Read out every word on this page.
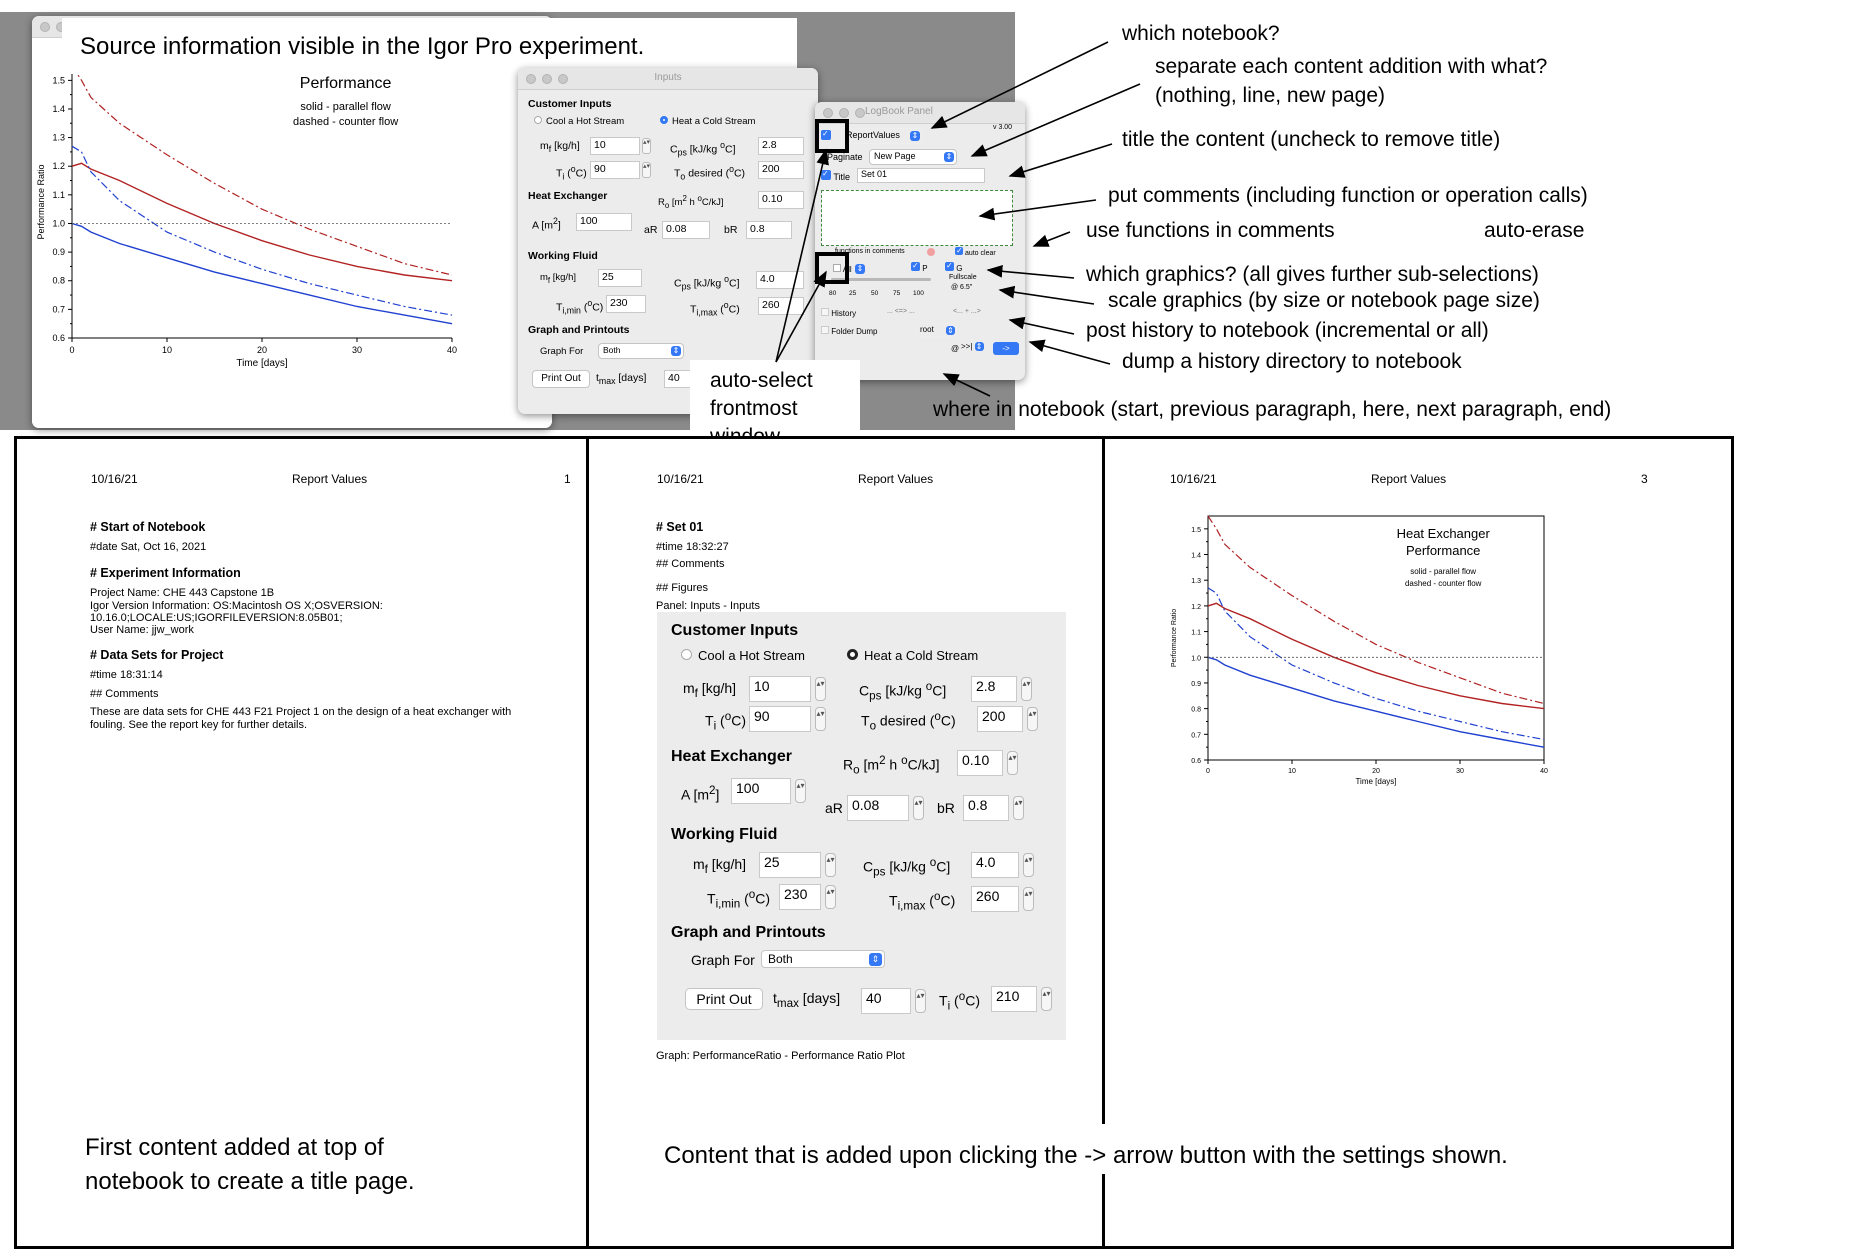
1.5
1.4
1.3
1.2
1.1
1.0
0.9
0.8
0.7
0.6
0	10	20	30	40
Time [days]
Performance Ratio
Performance
solid - parallel flow
dashed - counter flow
Source information visible in the Igor Pro experiment.
Inputs
Customer Inputs
Cool a Hot Stream	Heat a Cold Stream
$m_f$ [kg/h]	10	▴▾
$C_{ps}$ [kJ/kg $^o$C]	2.8
$T_i$ ($^o$C) 90	▴▾
$T_o$ desired ($^o$C)	200
Heat Exchanger
$R_o$ [$m^2$ h $^o$C/kJ]	0.10
A $[m^2]$	100
aR 0.08	bR	0.8
Working Fluid
$m_f$ [kg/h]	25
$C_{ps}$ [kJ/kg $^o$C]	4.0
$T_{i,min}$ ($^o$C) 230
$T_{i,max}$ ($^o$C)	260
Graph and Printouts
Graph For	Both	⇕
Print Out	$t_{max}$ [days]	40
LogBook Panel
✓
ReportValues ⇕
v 3.00
Paginate	New Page	⇕
✓ Title	Set 01
functions in comments ✓	auto clear
All ⇕ ✓	P ✓	G
Fullscale
@ 6.5"
80 25 50 75 100
History	... <=> ...	<... + ...>
Folder Dump	root ⇕
@ >>| ⇕	->
auto-select
frontmost
which notebook?
separate each content addition with what?
(nothing, line, new page)
title the content (uncheck to remove title)
put comments (including function or operation calls)
use functions in comments	auto-erase
which graphics? (all gives further sub-selections)
scale graphics (by size or notebook page size)
post history to notebook (incremental or all)
dump a history directory to notebook
where in notebook (start, previous paragraph, here, next paragraph, end)
10/16/21	Report Values	1
# Start of Notebook
#date Sat, Oct 16, 2021
# Experiment Information
Project Name: CHE 443 Capstone 1B
Igor Version Information: OS:Macintosh OS X;OSVERSION:
10.16.0;LOCALE:US;IGORFILEVERSION:8.05B01;
User Name: jjw_work
# Data Sets for Project
#time 18:31:14
## Comments
These are data sets for CHE 443 F21 Project 1 on the design of a heat exchanger with
fouling. See the report key for further details.
First content added at top of
notebook to create a title page.
10/16/21	Report Values
# Set 01
#time 18:32:27
## Comments
## Figures
Panel: Inputs - Inputs
Customer Inputs
Cool a Hot Stream	Heat a Cold Stream
$m_f$ [kg/h]	10	▴▾ $C_{ps}$ [kJ/kg $^o$C]	2.8	▴▾
$T_i$ ($^o$C) 90	▴▾	$T_o$ desired ($^o$C)	200	▴▾
Heat Exchanger	$R_o$ [$m^2$ h $^o$C/kJ]	0.10	▴▾
A $[m^2]$	100	▴▾
aR 0.08	▴▾ bR 0.8	▴▾
Working Fluid
$m_f$ [kg/h]	25	▴▾ $C_{ps}$ [kJ/kg $^o$C]	4.0	▴▾
$T_{i,min}$ ($^o$C) 230	▴▾
$T_{i,max}$ ($^o$C)	260	▴▾
Graph and Printouts
Graph For	Both	⇕
Print Out	$t_{max}$ [days]	40	▴▾ $T_i$ ($^o$C)	210	▴▾
Graph: PerformanceRatio - Performance Ratio Plot
10/16/21	Report Values	3
1.5
1.4
1.3
1.2
1.1
1.0
0.9
0.8
0.7
0.6
0	10	20	30	40
Time [days]
Performance Ratio
Heat Exchanger
Performance
solid - parallel flow
dashed - counter flow
Content that is added upon clicking the -> arrow button with the settings shown.
